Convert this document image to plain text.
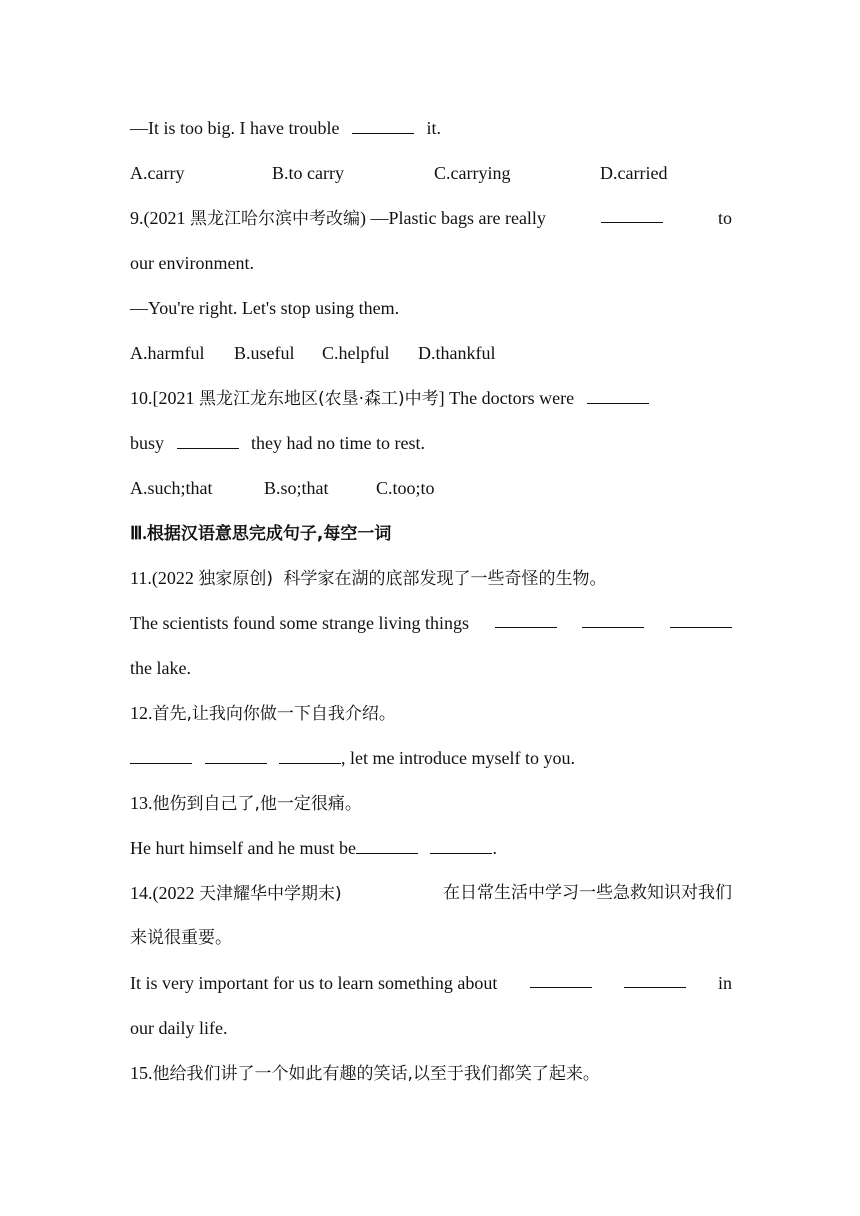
—It is too big. I have trouble	it.
A.carry	B.to carry	C.carrying	D.carried
9.(2021 黑龙江哈尔滨中考改编) —Plastic bags are really	to
our environment.
—You're right. Let's stop using them.
A.harmful B.useful C.helpful D.thankful
10.[2021 黑龙江龙东地区(农垦·森工)中考] The doctors were
busy	they had no time to rest.
A.such;that	B.so;that	C.too;to
Ⅲ.根据汉语意思完成句子,每空一词
11.(2022 独家原创) 科学家在湖的底部发现了一些奇怪的生物。
The scientists found some strange living things
the lake.
12.首先,让我向你做一下自我介绍。
, let me introduce myself to you.
13.他伤到自己了,他一定很痛。
He hurt himself and he must be	.
14.(2022 天津耀华中学期末)	在日常生活中学习一些急救知识对我们
来说很重要。
It is very important for us to learn something about	in
our daily life.
15.他给我们讲了一个如此有趣的笑话,以至于我们都笑了起来。
